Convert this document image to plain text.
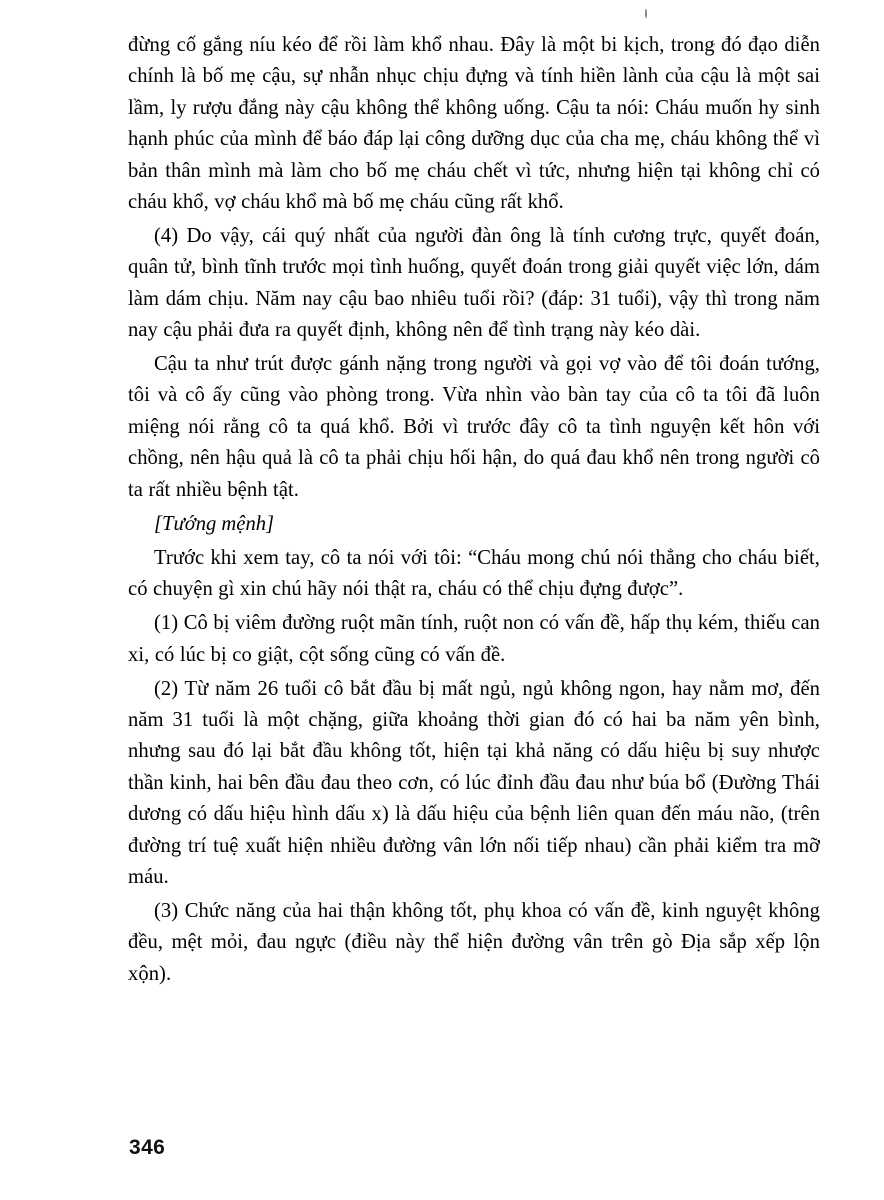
đừng cố gắng níu kéo để rồi làm khổ nhau. Đây là một bi kịch, trong đó đạo diễn chính là bố mẹ cậu, sự nhẫn nhục chịu đựng và tính hiền lành của cậu là một sai lầm, ly rượu đắng này cậu không thể không uống. Cậu ta nói: Cháu muốn hy sinh hạnh phúc của mình để báo đáp lại công dưỡng dục của cha mẹ, cháu không thể vì bản thân mình mà làm cho bố mẹ cháu chết vì tức, nhưng hiện tại không chỉ có cháu khổ, vợ cháu khổ mà bố mẹ cháu cũng rất khổ.

(4) Do vậy, cái quý nhất của người đàn ông là tính cương trực, quyết đoán, quân tử, bình tĩnh trước mọi tình huống, quyết đoán trong giải quyết việc lớn, dám làm dám chịu. Năm nay cậu bao nhiêu tuổi rồi? (đáp: 31 tuổi), vậy thì trong năm nay cậu phải đưa ra quyết định, không nên để tình trạng này kéo dài.

Cậu ta như trút được gánh nặng trong người và gọi vợ vào để tôi đoán tướng, tôi và cô ấy cũng vào phòng trong. Vừa nhìn vào bàn tay của cô ta tôi đã luôn miệng nói rằng cô ta quá khổ. Bởi vì trước đây cô ta tình nguyện kết hôn với chồng, nên hậu quả là cô ta phải chịu hối hận, do quá đau khổ nên trong người cô ta rất nhiều bệnh tật.

[Tướng mệnh]

Trước khi xem tay, cô ta nói với tôi: “Cháu mong chú nói thẳng cho cháu biết, có chuyện gì xin chú hãy nói thật ra, cháu có thể chịu đựng được”.

(1) Cô bị viêm đường ruột mãn tính, ruột non có vấn đề, hấp thụ kém, thiếu can xi, có lúc bị co giật, cột sống cũng có vấn đề.

(2) Từ năm 26 tuổi cô bắt đầu bị mất ngủ, ngủ không ngon, hay nằm mơ, đến năm 31 tuổi là một chặng, giữa khoảng thời gian đó có hai ba năm yên bình, nhưng sau đó lại bắt đầu không tốt, hiện tại khả năng có dấu hiệu bị suy nhược thần kinh, hai bên đầu đau theo cơn, có lúc đỉnh đầu đau như búa bổ (Đường Thái dương có dấu hiệu hình dấu x) là dấu hiệu của bệnh liên quan đến máu não, (trên đường trí tuệ xuất hiện nhiều đường vân lớn nối tiếp nhau) cần phải kiểm tra mỡ máu.

(3) Chức năng của hai thận không tốt, phụ khoa có vấn đề, kinh nguyệt không đều, mệt mỏi, đau ngực (điều này thể hiện đường vân trên gò Địa sắp xếp lộn xộn).

346
